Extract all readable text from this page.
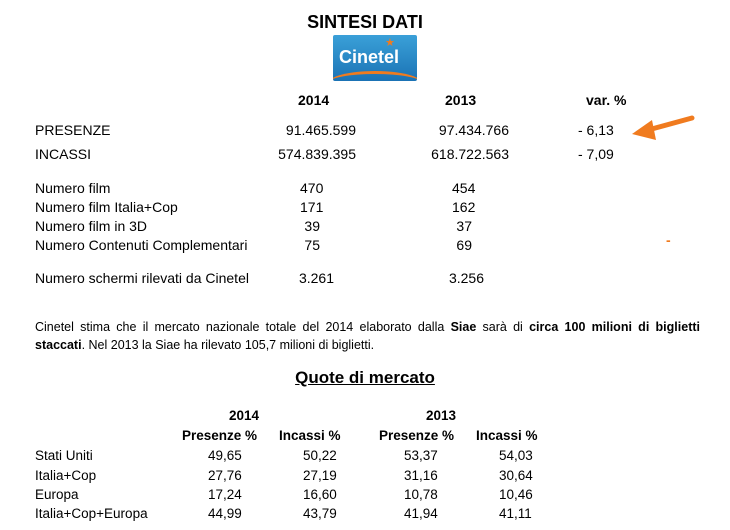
SINTESI DATI
★
Cinetel
2014	2013	var. %
PRESENZE	91.465.599	97.434.766	- 6,13
INCASSI	574.839.395	618.722.563	- 7,09
Numero film	470	454
Numero film Italia+Cop	171	162
Numero film in 3D	39	37
Numero Contenuti Complementari	75	69	-
Numero schermi rilevati da Cinetel	3.261	3.256
Cinetel stima che il mercato nazionale totale del 2014 elaborato dalla Siae sarà di circa 100 milioni di biglietti staccati. Nel 2013 la Siae ha rilevato 105,7 milioni di biglietti.
Quote di mercato
2014	2013
Presenze % Incassi %	Presenze % Incassi %
Stati Uniti	49,65	50,22	53,37	54,03
Italia+Cop	27,76	27,19	31,16	30,64
Europa	17,24	16,60	10,78	10,46
Italia+Cop+Europa	44,99	43,79	41,94	41,11
